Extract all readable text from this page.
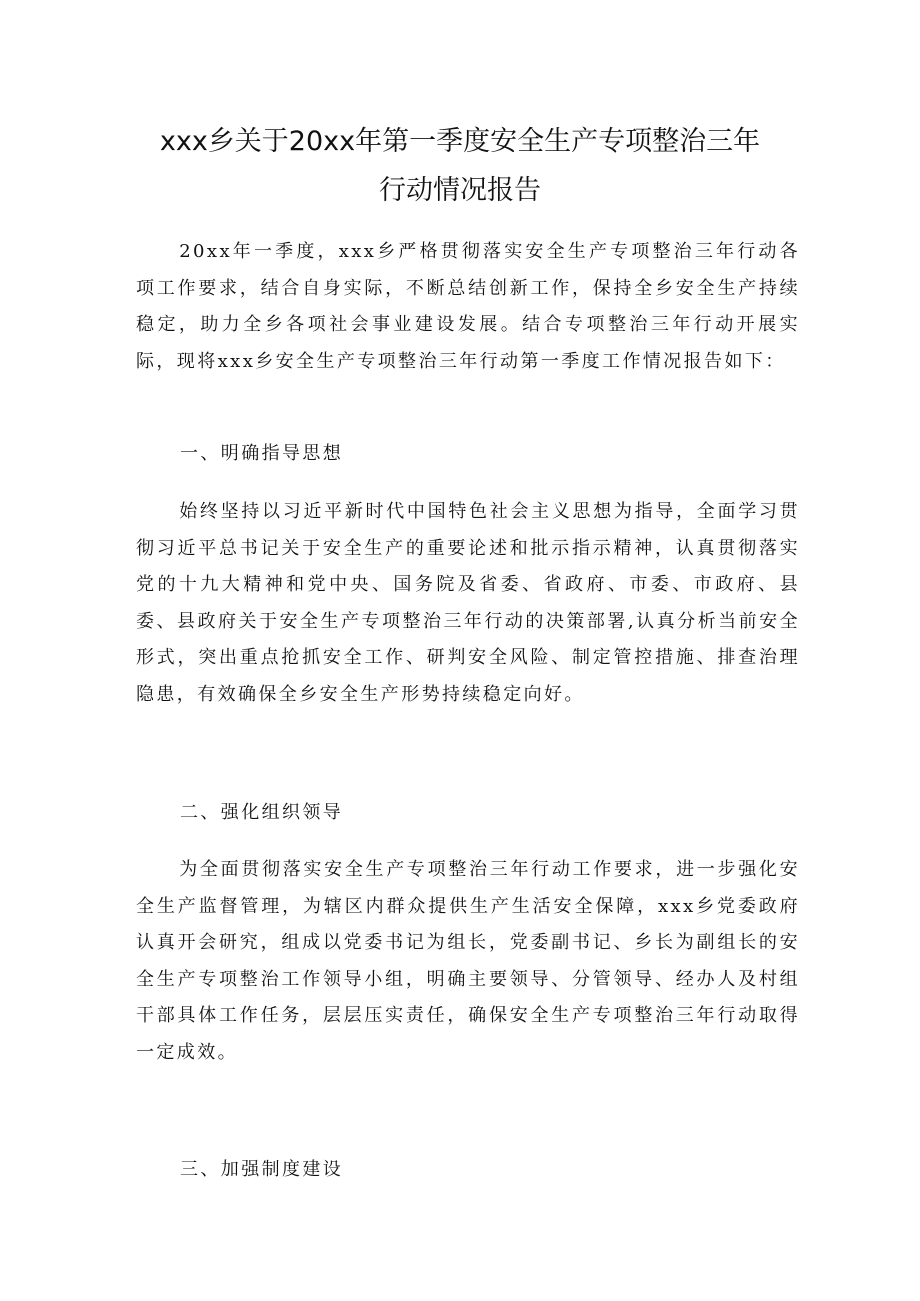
xxx乡关于20xx年第一季度安全生产专项整治三年
行动情况报告

20xx年一季度，xxx乡严格贯彻落实安全生产专项整治三年行动各项工作要求，结合自身实际，不断总结创新工作，保持全乡安全生产持续稳定，助力全乡各项社会事业建设发展。结合专项整治三年行动开展实际，现将xxx乡安全生产专项整治三年行动第一季度工作情况报告如下：

一、明确指导思想

始终坚持以习近平新时代中国特色社会主义思想为指导，全面学习贯彻习近平总书记关于安全生产的重要论述和批示指示精神，认真贯彻落实党的十九大精神和党中央、国务院及省委、省政府、市委、市政府、县委、县政府关于安全生产专项整治三年行动的决策部署,认真分析当前安全形式，突出重点抢抓安全工作、研判安全风险、制定管控措施、排查治理隐患，有效确保全乡安全生产形势持续稳定向好。

二、强化组织领导

为全面贯彻落实安全生产专项整治三年行动工作要求，进一步强化安全生产监督管理，为辖区内群众提供生产生活安全保障，xxx乡党委政府认真开会研究，组成以党委书记为组长，党委副书记、乡长为副组长的安全生产专项整治工作领导小组，明确主要领导、分管领导、经办人及村组干部具体工作任务，层层压实责任，确保安全生产专项整治三年行动取得一定成效。

三、加强制度建设
